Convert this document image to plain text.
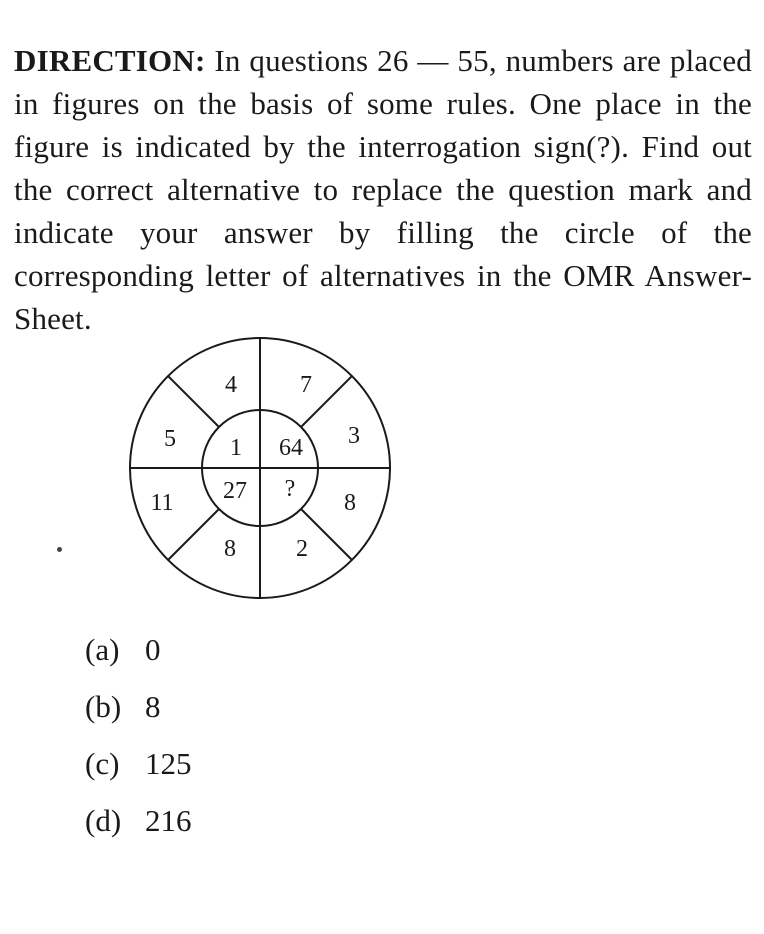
DIRECTION: In questions 26 — 55, numbers are placed in figures on the basis of some rules. One place in the figure is indicated by the interrogation sign(?). Find out the correct alternative to replace the question mark and indicate your answer by filling the circle of the corresponding letter of alternatives in the OMR Answer-Sheet.

4	7
5	3
11	8
8	2
1 64
27 ?
(a) 0
(b) 8
(c) 125
(d) 216
